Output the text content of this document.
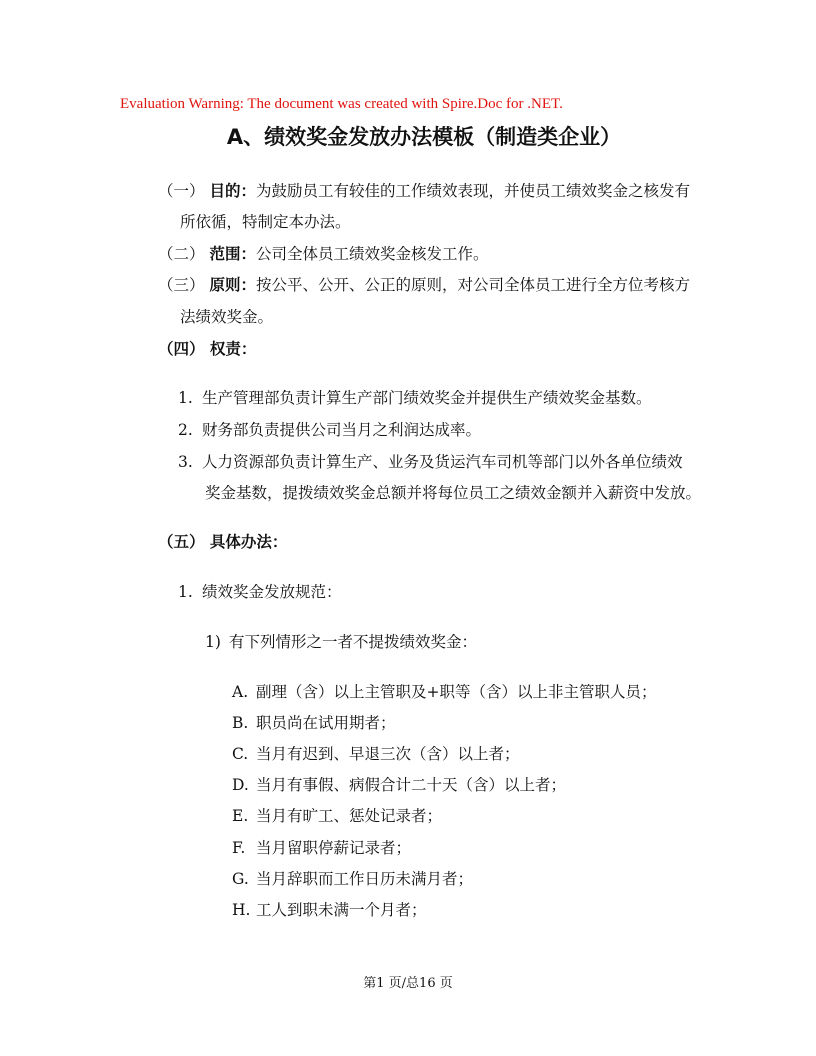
Evaluation Warning: The document was created with Spire.Doc for .NET.
A、绩效奖金发放办法模板（制造类企业）
（一） 目的：为鼓励员工有较佳的工作绩效表现，并使员工绩效奖金之核发有
所依循，特制定本办法。
（二） 范围：公司全体员工绩效奖金核发工作。
（三） 原则：按公平、公开、公正的原则，对公司全体员工进行全方位考核方
法绩效奖金。
（四） 权责：
1. 生产管理部负责计算生产部门绩效奖金并提供生产绩效奖金基数。
2. 财务部负责提供公司当月之利润达成率。
3. 人力资源部负责计算生产、业务及货运汽车司机等部门以外各单位绩效
奖金基数，提拨绩效奖金总额并将每位员工之绩效金额并入薪资中发放。
（五） 具体办法：
1. 绩效奖金发放规范：
1) 有下列情形之一者不提拨绩效奖金：
A. 副理（含）以上主管职及+职等（含）以上非主管职人员；
B. 职员尚在试用期者；
C. 当月有迟到、早退三次（含）以上者；
D. 当月有事假、病假合计二十天（含）以上者；
E. 当月有旷工、惩处记录者；
F. 当月留职停薪记录者；
G. 当月辞职而工作日历未满月者；
H. 工人到职未满一个月者；
第1 页/总16 页
